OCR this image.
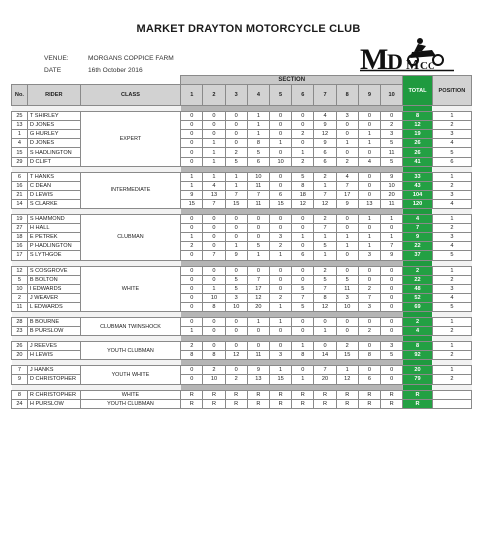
MARKET DRAYTON MOTORCYCLE CLUB
VENUE:	MORGANS COPPICE FARM
DATE	16th October 2016	M
D M C C
			SECTION										TOTAL	POSITION
No.	RIDER	CLASS	1	2	3	4	5	6	7	8	9	10		

25	T SHIRLEY	EXPERT	0	0	0	1	0	0	4	3	0	0	8	1
13	D JONES		0	0	0	1	0	0	9	0	0	2	12	2
1	G HURLEY		0	0	0	1	0	2	12	0	1	3	19	3
4	D JONES		0	1	0	8	1	0	9	1	1	5	26	4
15	S HADLINGTON		0	1	2	5	0	1	6	0	0	11	26	5
29	D CLIFT		0	1	5	6	10	2	6	2	4	5	41	6

6	T HANKS	INTERMEDIATE	1	1	1	10	0	5	2	4	0	9	33	1
16	C DEAN		1	4	1	11	0	8	1	7	0	10	43	2
21	D LEWIS		9	13	7	7	6	18	7	17	0	20	104	3
14	S CLARKE		15	7	15	11	15	12	12	9	13	11	120	4

19	S HAMMOND	CLUBMAN	0	0	0	0	0	0	2	0	1	1	4	1
27	H HALL		0	0	0	0	0	0	7	0	0	0	7	2
18	E PETREK		1	0	0	0	3	1	1	1	1	1	9	3
16	P HADLINGTON		2	0	1	5	2	0	5	1	1	7	22	4
17	S LYTHGOE		0	7	9	1	1	6	1	0	3	9	37	5

12	S COSGROVE	WHITE	0	0	0	0	0	0	2	0	0	0	2	1
5	B BOLTON		0	0	5	7	0	0	5	5	0	0	22	2
10	I EDWARDS		0	1	5	17	0	5	7	11	2	0	48	3
2	J WEAVER		0	10	3	12	2	7	8	3	7	0	52	4
11	L EDWARDS		0	8	10	20	1	5	12	10	3	0	69	5

28	B BOURNE	CLUBMAN TWINSHOCK	0	0	0	1	1	0	0	0	0	0	2	1
23	B PURSLOW		1	0	0	0	0	0	1	0	2	0	4	2

26	J REEVES	YOUTH CLUBMAN	2	0	0	0	0	1	0	2	0	3	8	1
20	H LEWIS		8	8	12	11	3	8	14	15	8	5	92	2

7	J HANKS	YOUTH WHITE	0	2	0	9	1	0	7	1	0	0	20	1
9	D CHRISTOPHER		0	10	2	13	15	1	20	12	6	0	79	2

8	R CHRISTOPHER	WHITE	R	R	R	R	R	R	R	R	R	R	R	
24	H PURSLOW	YOUTH CLUBMAN	R	R	R	R	R	R	R	R	R	R	R	
